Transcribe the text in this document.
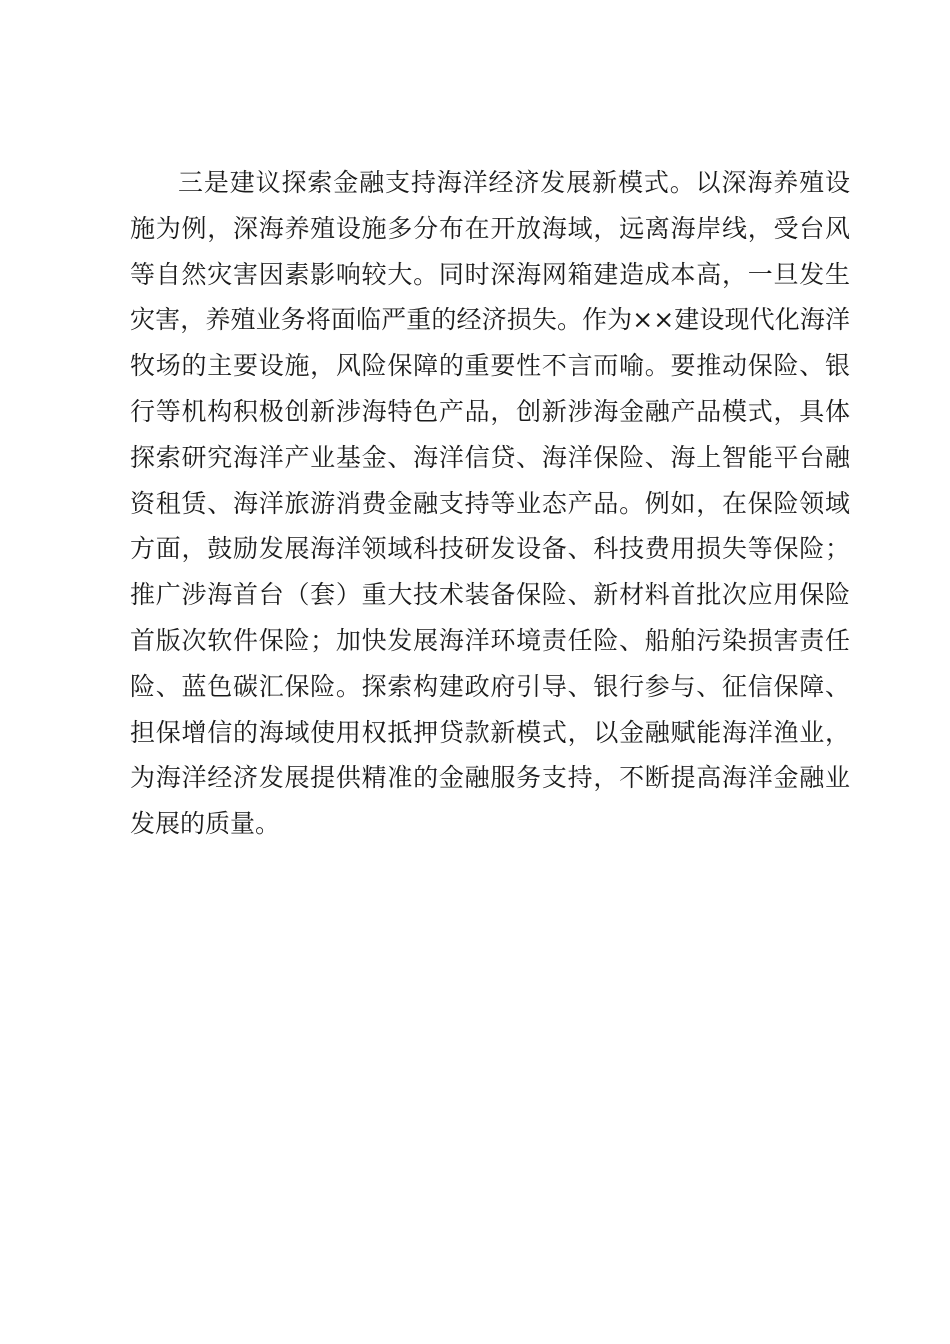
三是建议探索金融支持海洋经济发展新模式。以深海养殖设
施为例，深海养殖设施多分布在开放海域，远离海岸线，受台风
等自然灾害因素影响较大。同时深海网箱建造成本高，一旦发生
灾害，养殖业务将面临严重的经济损失。作为××建设现代化海洋
牧场的主要设施，风险保障的重要性不言而喻。要推动保险、银
行等机构积极创新涉海特色产品，创新涉海金融产品模式，具体
探索研究海洋产业基金、海洋信贷、海洋保险、海上智能平台融
资租赁、海洋旅游消费金融支持等业态产品。例如，在保险领域
方面，鼓励发展海洋领域科技研发设备、科技费用损失等保险；
推广涉海首台（套）重大技术装备保险、新材料首批次应用保险
首版次软件保险；加快发展海洋环境责任险、船舶污染损害责任
险、蓝色碳汇保险。探索构建政府引导、银行参与、征信保障、
担保增信的海域使用权抵押贷款新模式，以金融赋能海洋渔业，
为海洋经济发展提供精准的金融服务支持，不断提高海洋金融业
发展的质量。
